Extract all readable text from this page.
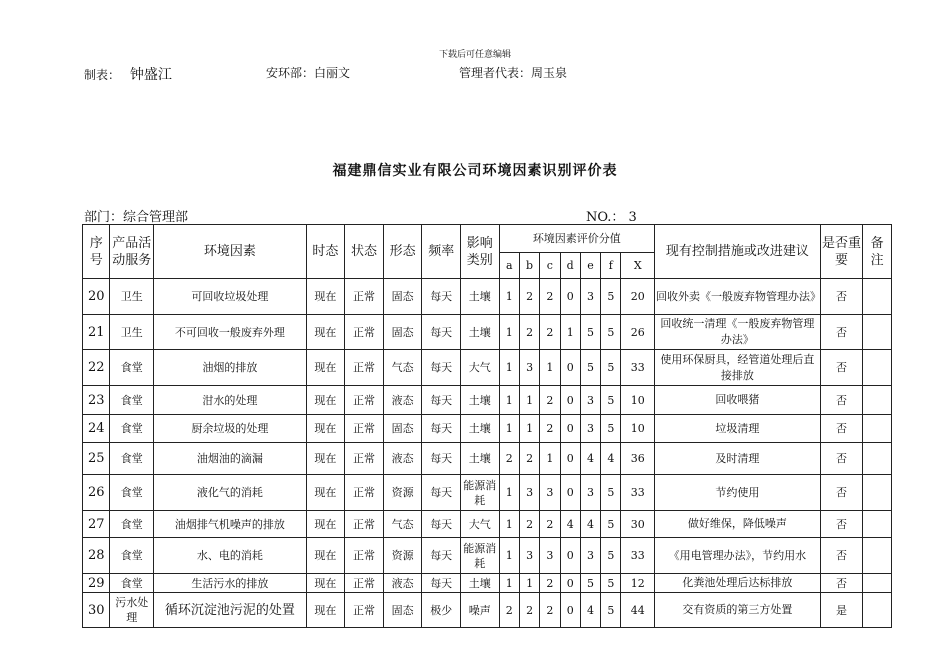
下载后可任意编辑
制表： 钟盛江	安环部：白丽文	管理者代表：周玉泉
福建鼎信实业有限公司环境因素识别评价表
部门：综合管理部	NO.： 3
序号	产品活动服务	环境因素	时态	状态	形态	频率	影响类别	环境因素评价分值							现有控制措施或改进建议	是否重要	备注
								a	b	c	d	e	f	X			
20	卫生	可回收垃圾处理	现在	正常	固态	每天	土壤	1	2	2	0	3	5	20	回收外卖《一般废弃物管理办法》	否	
21	卫生	不可回收一般废弃外理	现在	正常	固态	每天	土壤	1	2	2	1	5	5	26	回收统一清理《一般废弃物管理办法》	否	
22	食堂	油烟的排放	现在	正常	气态	每天	大气	1	3	1	0	5	5	33	使用环保厨具，经管道处理后直接排放	否	
23	食堂	泔水的处理	现在	正常	液态	每天	土壤	1	1	2	0	3	5	10	回收喂猪	否	
24	食堂	厨余垃圾的处理	现在	正常	固态	每天	土壤	1	1	2	0	3	5	10	垃圾清理	否	
25	食堂	油烟油的滴漏	现在	正常	液态	每天	土壤	2	2	1	0	4	4	36	及时清理	否	
26	食堂	液化气的消耗	现在	正常	资源	每天	能源消耗	1	3	3	0	3	5	33	节约使用	否	
27	食堂	油烟排气机噪声的排放	现在	正常	气态	每天	大气	1	2	2	4	4	5	30	做好维保，降低噪声	否	
28	食堂	水、电的消耗	现在	正常	资源	每天	能源消耗	1	3	3	0	3	5	33	《用电管理办法》，节约用水	否	
29	食堂	生活污水的排放	现在	正常	液态	每天	土壤	1	1	2	0	5	5	12	化粪池处理后达标排放	否	
30	污水处理	循环沉淀池污泥的处置	现在	正常	固态	极少	噪声	2	2	2	0	4	5	44	交有资质的第三方处置	是	
